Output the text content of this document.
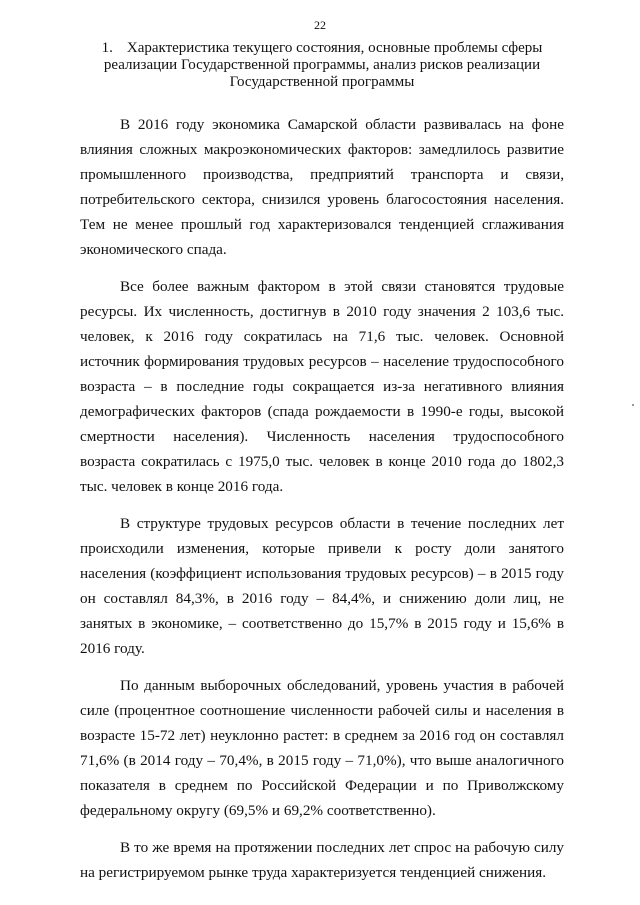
22
1. Характеристика текущего состояния, основные проблемы сферы реализации Государственной программы, анализ рисков реализации Государственной программы

В 2016 году экономика Самарской области развивалась на фоне влияния сложных макроэкономических факторов: замедлилось развитие промышленного производства, предприятий транспорта и связи, потребительского сектора, снизился уровень благосостояния населения. Тем не менее прошлый год характеризовался тенденцией сглаживания экономического спада.

Все более важным фактором в этой связи становятся трудовые ресурсы. Их численность, достигнув в 2010 году значения 2 103,6 тыс. человек, к 2016 году сократилась на 71,6 тыс. человек. Основной источник формирования трудовых ресурсов – население трудоспособного возраста – в последние годы сокращается из-за негативного влияния демографических факторов (спада рождаемости в 1990-е годы, высокой смертности населения). Численность населения трудоспособного возраста сократилась с 1975,0 тыс. человек в конце 2010 года до 1802,3 тыс. человек в конце 2016 года.

В структуре трудовых ресурсов области в течение последних лет происходили изменения, которые привели к росту доли занятого населения (коэффициент использования трудовых ресурсов) – в 2015 году он составлял 84,3%, в 2016 году – 84,4%, и снижению доли лиц, не занятых в экономике, – соответственно до 15,7% в 2015 году и 15,6% в 2016 году.

По данным выборочных обследований, уровень участия в рабочей силе (процентное соотношение численности рабочей силы и населения в возрасте 15-72 лет) неуклонно растет: в среднем за 2016 год он составлял 71,6% (в 2014 году – 70,4%, в 2015 году – 71,0%), что выше аналогичного показателя в среднем по Российской Федерации и по Приволжскому федеральному округу (69,5% и 69,2% соответственно).

В то же время на протяжении последних лет спрос на рабочую силу на регистрируемом рынке труда характеризуется тенденцией снижения.
